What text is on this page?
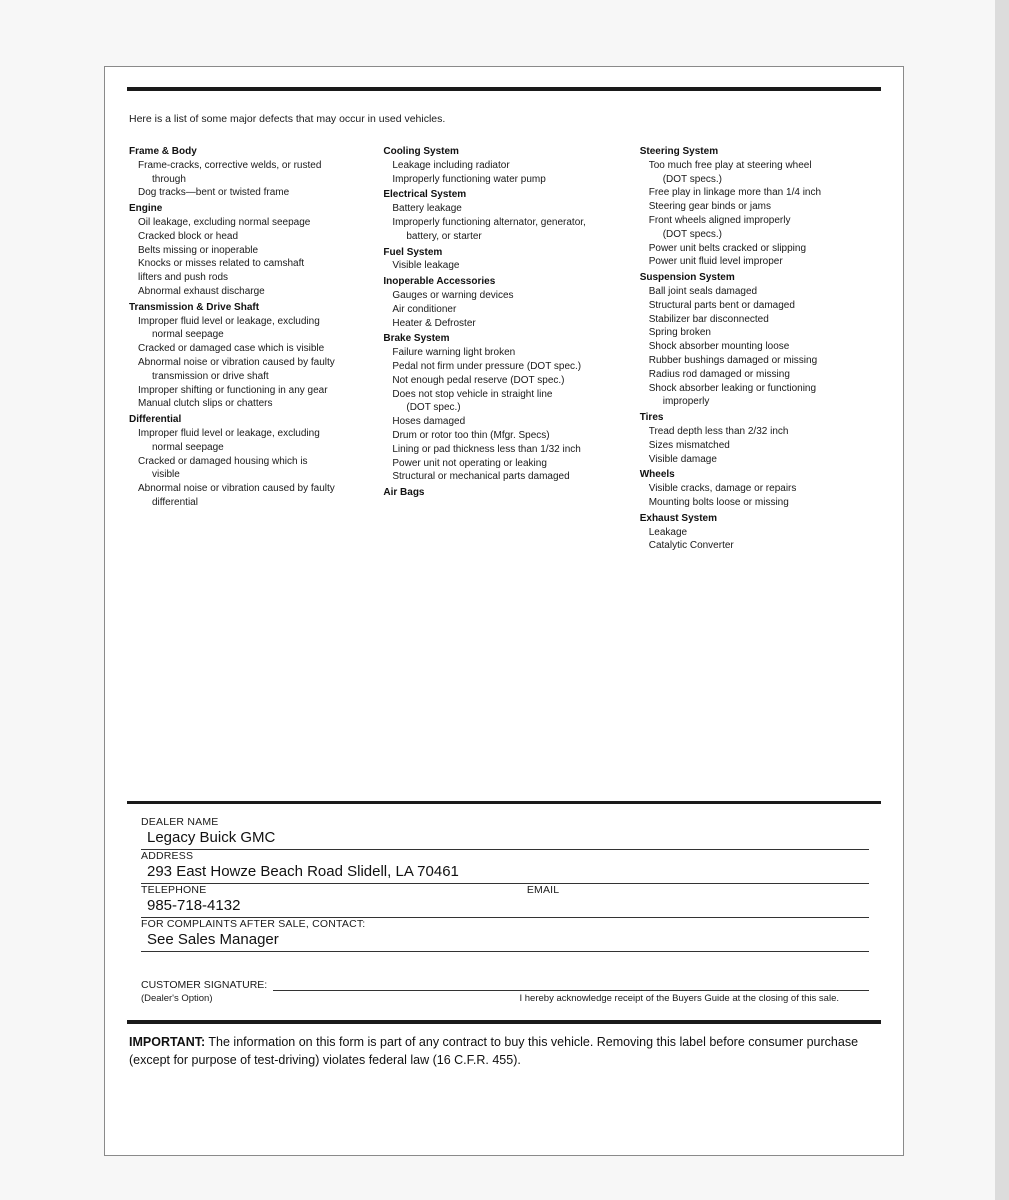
Here is a list of some major defects that may occur in used vehicles.
Frame & Body
Frame-cracks, corrective welds, or rusted
through
Dog tracks—bent or twisted frame
Engine
Oil leakage, excluding normal seepage
Cracked block or head
Belts missing or inoperable
Knocks or misses related to camshaft
lifters and push rods
Abnormal exhaust discharge
Transmission & Drive Shaft
Improper fluid level or leakage, excluding
normal seepage
Cracked or damaged case which is visible
Abnormal noise or vibration caused by faulty
transmission or drive shaft
Improper shifting or functioning in any gear
Manual clutch slips or chatters
Differential
Improper fluid level or leakage, excluding
normal seepage
Cracked or damaged housing which is
visible
Abnormal noise or vibration caused by faulty
differential
Cooling System
Leakage including radiator
Improperly functioning water pump
Electrical System
Battery leakage
Improperly functioning alternator, generator,
battery, or starter
Fuel System
Visible leakage
Inoperable Accessories
Gauges or warning devices
Air conditioner
Heater & Defroster
Brake System
Failure warning light broken
Pedal not firm under pressure (DOT spec.)
Not enough pedal reserve (DOT spec.)
Does not stop vehicle in straight line
(DOT spec.)
Hoses damaged
Drum or rotor too thin (Mfgr. Specs)
Lining or pad thickness less than 1/32 inch
Power unit not operating or leaking
Structural or mechanical parts damaged
Air Bags
Steering System
Too much free play at steering wheel
(DOT specs.)
Free play in linkage more than 1/4 inch
Steering gear binds or jams
Front wheels aligned improperly
(DOT specs.)
Power unit belts cracked or slipping
Power unit fluid level improper
Suspension System
Ball joint seals damaged
Structural parts bent or damaged
Stabilizer bar disconnected
Spring broken
Shock absorber mounting loose
Rubber bushings damaged or missing
Radius rod damaged or missing
Shock absorber leaking or functioning
improperly
Tires
Tread depth less than 2/32 inch
Sizes mismatched
Visible damage
Wheels
Visible cracks, damage or repairs
Mounting bolts loose or missing
Exhaust System
Leakage
Catalytic Converter
DEALER NAME
Legacy Buick GMC
ADDRESS
293 East Howze Beach Road Slidell, LA 70461
TELEPHONE
985-718-4132
EMAIL

FOR COMPLAINTS AFTER SALE, CONTACT:
See Sales Manager
CUSTOMER SIGNATURE:
(Dealer's Option)	I hereby acknowledge receipt of the Buyers Guide at the closing of this sale.
IMPORTANT: The information on this form is part of any contract to buy this vehicle. Removing this label before consumer purchase (except for purpose of test-driving) violates federal law (16 C.F.R. 455).
